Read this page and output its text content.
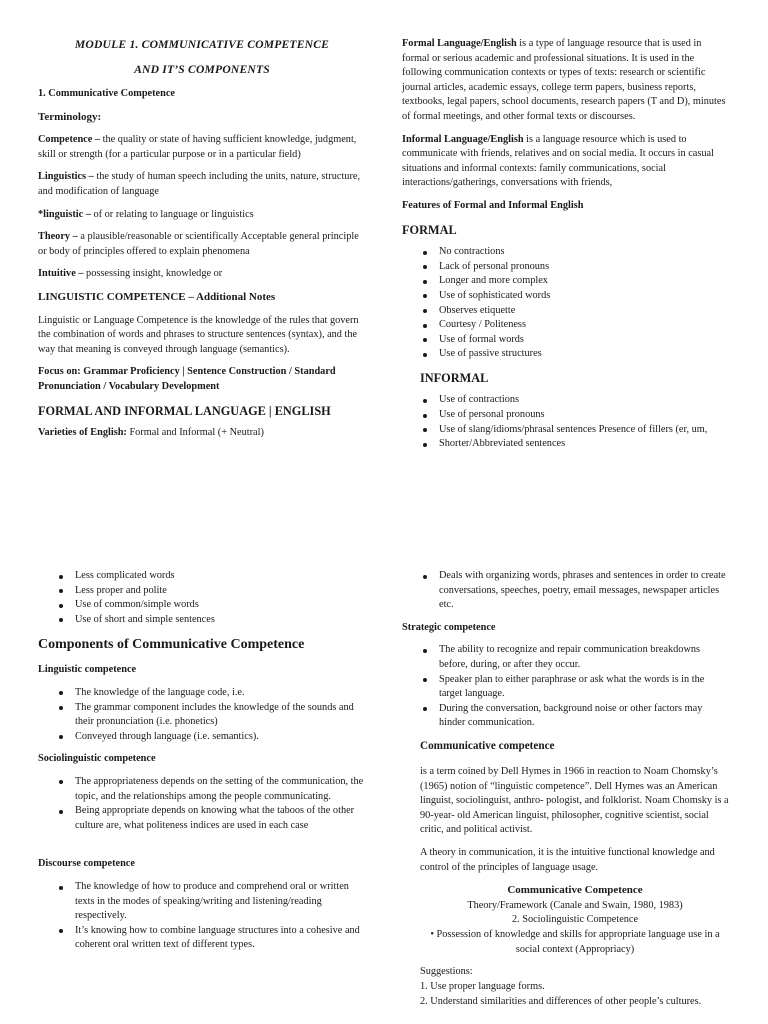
MODULE 1. COMMUNICATIVE COMPETENCE
AND IT’S COMPONENTS

1. Communicative Competence

Terminology:

Competence – the quality or state of having sufficient knowledge, judgment, skill or strength (for a particular purpose or in a particular field)

Linguistics – the study of human speech including the units, nature, structure, and modification of language

*linguistic – of or relating to language or linguistics

Theory – a plausible/reasonable or scientifically Acceptable general principle or body of principles offered to explain phenomena

Intuitive – possessing insight, knowledge or

LINGUISTIC COMPETENCE – Additional Notes

Linguistic or Language Competence is the knowledge of the rules that govern the combination of words and phrases to structure sentences (syntax), and the way that meaning is conveyed through language (semantics).

Focus on: Grammar Proficiency | Sentence Construction / Standard Pronunciation / Vocabulary Development

FORMAL AND INFORMAL LANGUAGE | ENGLISH

Varieties of English: Formal and Informal (+ Neutral)

Formal Language/English is a type of language resource that is used in formal or serious academic and professional situations. It is used in the following communication contexts or types of texts: research or scientific journal articles, academic essays, college term papers, business reports, textbooks, legal papers, school documents, research papers (T and D), minutes of formal meetings, and other formal texts or discourses.

Informal Language/English is a language resource which is used to communicate with friends, relatives and on social media. It occurs in casual situations and informal contexts: family communications, social interactions/gatherings, conversations with friends,

Features of Formal and Informal English

FORMAL

No contractions
Lack of personal pronouns
Longer and more complex
Use of sophisticated words
Observes etiquette
Courtesy / Politeness
Use of formal words
Use of passive structures

INFORMAL

Use of contractions
Use of personal pronouns
Use of slang/idioms/phrasal sentences Presence of fillers (er, um,
Shorter/Abbreviated sentences
Less complicated words
Less proper and polite
Use of common/simple words
Use of short and simple sentences

Components of Communicative Competence

Linguistic competence

The knowledge of the language code, i.e.
The grammar component includes the knowledge of the sounds and their pronunciation (i.e. phonetics)
Conveyed through language (i.e. semantics).

Sociolinguistic competence

The appropriateness depends on the setting of the communication, the topic, and the relationships among the people communicating.
Being appropriate depends on knowing what the taboos of the other culture are, what politeness indices are used in each case

Discourse competence

The knowledge of how to produce and comprehend oral or written texts in the modes of speaking/writing and listening/reading respectively.
It’s knowing how to combine language structures into a cohesive and coherent oral written text of different types.
Deals with organizing words, phrases and sentences in order to create conversations, speeches, poetry, email messages, newspaper articles etc.

Strategic competence

The ability to recognize and repair communication breakdowns before, during, or after they occur.
Speaker plan to either paraphrase or ask what the words is in the target language.
During the conversation, background noise or other factors may hinder communication.

Communicative competence

is a term coined by Dell Hymes in 1966 in reaction to Noam Chomsky’s (1965) notion of “linguistic competence”. Dell Hymes was an American linguist, sociolinguist, anthro- pologist, and folklorist. Noam Chomsky is a 90-year- old American linguist, philosopher, cognitive scientist, social critic, and political activist.

A theory in communication, it is the intuitive functional knowledge and control of the principles of language usage.

Communicative Competence
Theory/Framework (Canale and Swain, 1980, 1983)
2. Sociolinguistic Competence
• Possession of knowledge and skills for appropriate language use in a social context (Appropriacy)
Suggestions:
1. Use proper language forms.
2. Understand similarities and differences of other people’s cultures.
